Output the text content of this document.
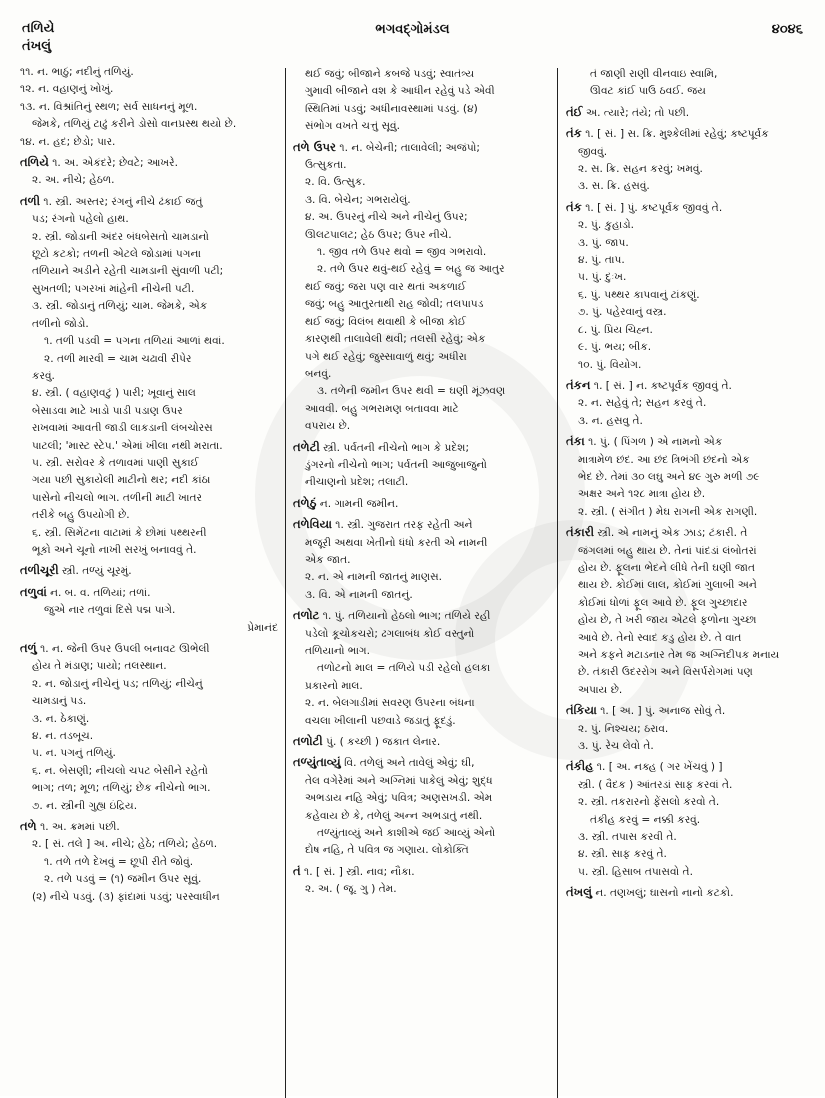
તળિયે
તંખલું
ભગવદ્ગોમંડલ	૪૦૪૬
૧૧. ન. ભાઠું; નદીનું તળિયું.
૧૨. ન. વહાણનું ખોખું.
૧૩. ન. વિશ્રાંતિનું સ્થળ; સર્વ સાધનનું મૂળ.
જેમકે, તળિયું ટાઢું કરીને ડોસો વાનપ્રસ્થ થયો છે.
૧૪. ન. હદ; છેડો; પાર.
તળિયે ૧. અ. એકંદરે; છેવટે; આખરે.
૨. અ. નીચે; હેઠળ.
તળી ૧. સ્ત્રી. અસ્તર; રંગનું નીચે ઢંકાઈ જતું
પડ; રંગનો પહેલો હાથ.
૨. સ્ત્રી. જોડાની અંદર બંધબેસતો ચામડાનો
છૂટો કટકો; તળની એટલે જોડામાં પગના
તળિયાને અડીને રહેતી ચામડાની સુંવાળી પટી;
સુખતળી; પગરખાં માંહેની નીચેની પટી.
૩. સ્ત્રી. જોડાનું તળિયું; ચામ. જેમકે, એક
તળીનો જોડો.
૧. તળી પડવી = પગના તળિયાં આળાં થવાં.
૨. તળી મારવી = ચામ ચઢાવી રીપેર
કરવું.
૪. સ્ત્રી. ( વહાણવટું ) પારી; ખૂવાનું સાલ
બેસાડવા માટે ખાડો પાડી પડાણ ઉપર
રાખવામાં આવતી જાડી લાકડાની લંબચોરસ
પાટલી; 'માસ્ટ સ્ટેપ.' એમાં ખીલા નથી મરાતા.
૫. સ્ત્રી. સરોવર કે તળાવમાં પાણી સુકાઈ
ગયા પછી સુકાયેલી માટીનો થર; નદી કાંઠા
પાસેનો નીચલો ભાગ. તળીની માટી ખાતર
તરીકે બહુ ઉપયોગી છે.
૬. સ્ત્રી. સિમેંટના વાટામાં કે છોમાં પથ્થરની
ભૂકો અને ચૂનો નાખી સરખું બનાવવું તે.
તળીચૂરી સ્ત્રી. તળ્યું ચૂરમું.
તળુવાં ન. બ. વ. તળિયાં; તળાં.
જુએ નાર તળુવાં દિસે પદ્મ પાગે.
પ્રેમાનંદ
તળું ૧. ન. જેની ઉપર ઉપલી બનાવટ ઊભેલી
હોય તે મંડાણ; પાયો; તલસ્થાન.
૨. ન. જોડાનું નીચેનું પડ; તળિયું; નીચેનું
ચામડાનું પડ.
૩. ન. ઠેકાણું.
૪. ન. તડબૂચ.
૫. ન. પગનું તળિયું.
૬. ન. બેસણી; નીચલો ચપટ બેસીને રહેતો
ભાગ; તળ; મૂળ; તળિયું; છેક નીચેનો ભાગ.
૭. ન. સ્ત્રીની ગુહ્ય ઇંદ્રિય.
તળે ૧. અ. ક્રમમાં પછી.
૨. [ સં. તલે ] અ. નીચે; હેઠે; તળિયે; હેઠળ.
૧. તળે તળે દેખવું = છૂપી રીતે જોવું.
૨. તળે પડવું = (૧) જમીન ઉપર સૂવું.
(૨) નીચે પડવું. (૩) ફાંદામાં પડવું; પરસ્વાધીન
થઈ જવું; બીજાને કબજે પડવું; સ્વાતંત્ર્ય
ગુમાવી બીજાને વશ કે આધીન રહેવું પડે એવી
સ્થિતિમાં પડવું; અધીનાવસ્થામાં પડવું. (૪)
સંભોગ વખતે ચત્તું સૂવું.
તળે ઉપર ૧. ન. બેચેની; તાલાવેલી; અજંપો;
ઉત્સુકતા.
૨. વિ. ઉત્સુક.
૩. વિ. બેચેન; ગભરાયેલું.
૪. અ. ઉપરનું નીચે અને નીચેનું ઉપર;
ઊલટપાલટ; હેઠ ઉપર; ઉપર નીચે.
૧. જીવ તળે ઉપર થવો = જીવ ગભરાવો.
૨. તળે ઉપર થવું-થઈ રહેવું = બહુ જ આતુર
થઈ જવું; જરા પણ વાર થતાં અકળાઈ
જવું; બહુ આતુરતાથી રાહ જોવી; તલપાપડ
થઈ જવું; વિલંબ થવાથી કે બીજા કોઈ
કારણથી તાલાવેલી થવી; તલસી રહેવું; એક
પગે થઈ રહેવું; જુસ્સાવાળું થવું; અધીરા
બનવું.
૩. તળેની જમીન ઉપર થવી = ઘણી મૂંઝવણ
આવવી. બહુ ગભરામણ બતાવવા માટે
વપરાય છે.
તળેટી સ્ત્રી. પર્વતની નીચેનો ભાગ કે પ્રદેશ;
ડુંગરનો નીચેનો ભાગ; પર્વતની આજુબાજુનો
નીચાણનો પ્રદેશ; તલાટી.
તળેઠું ન. ગામની જમીન.
તળેવિયા ૧. સ્ત્રી. ગુજરાત તરફ રહેતી અને
મજૂરી અથવા ખેતીનો ધંધો કરતી એ નામની
એક જાત.
૨. ન. એ નામની જાતનું માણસ.
૩. વિ. એ નામની જાતનું.
તળોટ ૧. પું. તળિયાનો હેઠલો ભાગ; તળિયે રહી
પડેલો કૂચોકચરો; ઢગલાબંધ કોઈ વસ્તુનો
તળિયાનો ભાગ.
તળોટનો માલ = તળિયે પડી રહેલો હલકા
પ્રકારનો માલ.
૨. ન. બેલગાડીમાં સવરણ ઉપરના બંધના
વચલા ખીલાની પછવાડે જડાતું ફૂદડું.
તળોટી પું. ( કચ્છી ) જકાત લેનાર.
તળ્યુંતાવ્યું વિ. તળેલું અને તાવેલું એવું; ઘી,
તેલ વગેરેમાં અને અગ્નિમાં પાકેલું એવું; શુદ્ધ
અભડાય નહિ એવું; પવિત્ર; અણસખડી. એમ
કહેવાય છે કે, તળેલું અન્ન અભડાતું નથી.
તળ્યુંતાવ્યું અને કાશીએ જઈ આવ્યું એનો
દોષ નહિ, તે પવિત્ર જ ગણાય. લોકોક્તિ
તં ૧. [ સં. ] સ્ત્રી. નાવ; નૌકા.
૨. અ. ( જૂ. ગુ ) તેમ.
તં જાણી રાણી વીનવાઇ સ્વામિ,
ઊવટ કાંઈ પાઉ ઠવઈ. જય
તંઈ અ. ત્યારે; તંયે; તો પછી.
તંક ૧. [ સં. ] સ. ક્રિ. મુશ્કેલીમાં રહેવું; કષ્ટપૂર્વક
જીવવું.
૨. સ. ક્રિ. સહન કરવું; ખમવું.
૩. સ. ક્રિ. હસવું.
તંક ૧. [ સં. ] પું. કષ્ટપૂર્વક જીવવું તે.
૨. પું. કુહાડો.
૩. પું. જાપ.
૪. પું. તાપ.
૫. પું. દુઃખ.
૬. પું. પથ્થર કાપવાનું ટાંકણું.
૭. પું. પહેરવાનું વસ્ત્ર.
૮. પું. પ્રિય ચિહ્ન.
૯. પું. ભય; બીક.
૧૦. પું. વિયોગ.
તંકન ૧. [ સં. ] ન. કષ્ટપૂર્વક જીવવું તે.
૨. ન. સહેવું તે; સહન કરવું તે.
૩. ન. હસવુ તે.
તંકા ૧. પું. ( પિંગળ ) એ નામનો એક
માત્રામેળ છંદ. આ છંદ ત્રિભંગી છંદનો એક
ભેદ છે. તેમાં ૩૦ લઘુ અને ૪૯ ગુરુ મળી ૭૯
અક્ષર અને ૧૨૮ માત્રા હોય છે.
૨. સ્ત્રી. ( સંગીત ) મેઘ રાગની એક રાગણી.
તંકારી સ્ત્રી. એ નામનું એક ઝાડ; ટંકારી. તે
જંગલમાં બહુ થાય છે. તેનાં પાંદડાં લંબોતરાં
હોય છે. ફૂલના ભેદને લીધે તેની ઘણી જાત
થાય છે. કોઈમાં લાલ, કોઈમાં ગુલાબી અને
કોઈમાં ધોળાં ફૂલ આવે છે. ફૂલ ગુચ્છાદાર
હોય છે, તે ખરી જાય એટલે ફળોના ગુચ્છા
આવે છે. તેનો સ્વાદ કડુ હોય છે. તે વાત
અને કફને મટાડનાર તેમ જ અગ્નિદીપક મનાય
છે. તંકારી ઉદરરોગ અને વિસર્પરોગમાં પણ
અપાય છે.
તંકિયા ૧. [ અ. ] પું. અનાજ સોવું તે.
૨. પું. નિશ્ચય; ઠરાવ.
૩. પું. રેચ લેવો તે.
તંકીહ ૧. [ અ. નક્હ ( ગર ખેંચવું ) ]
સ્ત્રી. ( વૈદક ) આંતરડાં સાફ કરવાં તે.
૨. સ્ત્રી. તકરારનો ફેંસલો કરવો તે.
તંકીહ કરવું = નક્કી કરવું.
૩. સ્ત્રી. તપાસ કરવી તે.
૪. સ્ત્રી. સાફ કરવું તે.
૫. સ્ત્રી. હિસાબ તપાસવો તે.
તંખલું ન. તણખલું; ઘાસનો નાનો કટકો.
